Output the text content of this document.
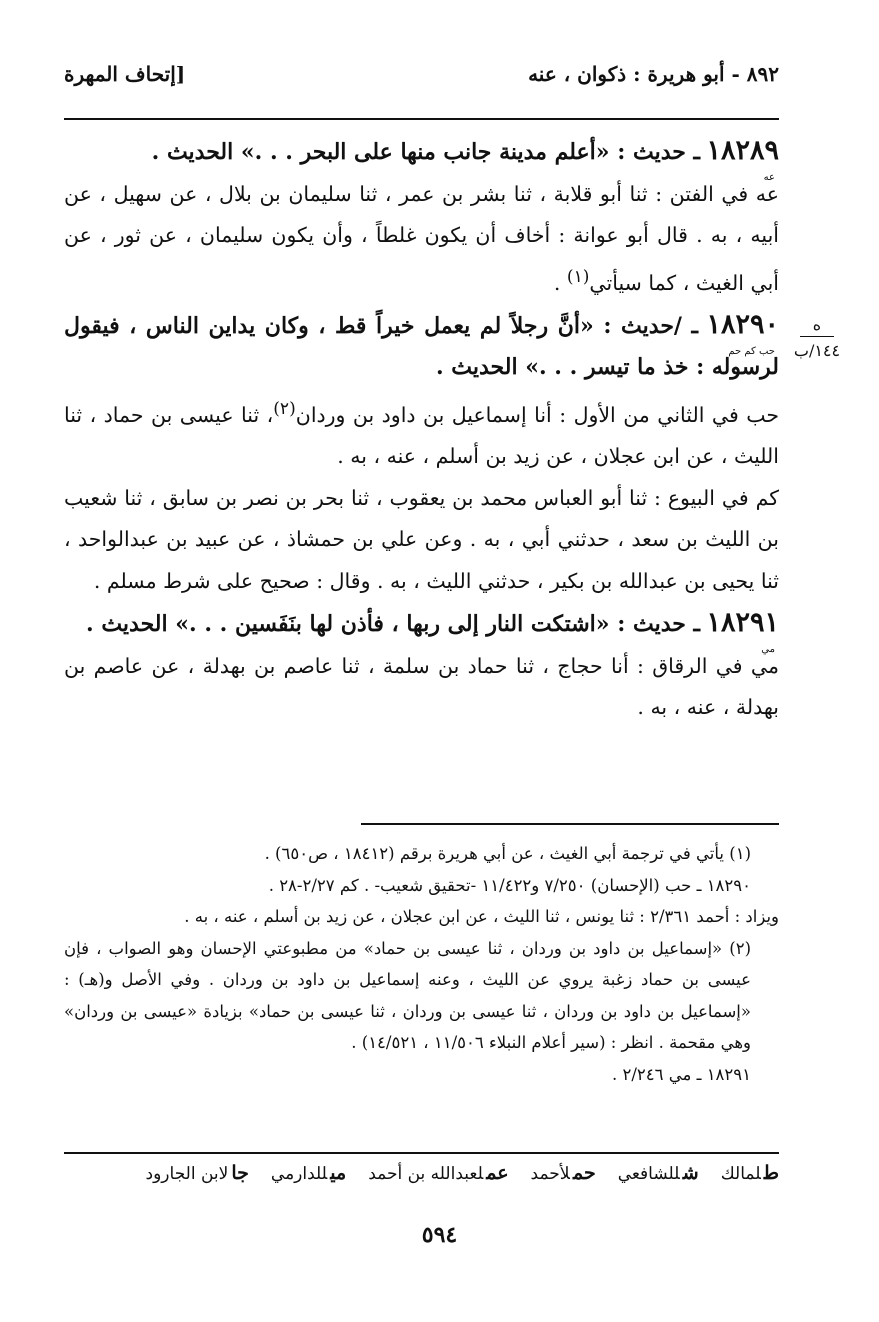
٨٩٢ - أبو هريرة : ذكوان ، عنه
[إتحاف المهرة
ه
١٤٤/ب

١٨٢٨٩
عه
ـ حديث : «أعلم مدينة جانب منها على البحر . . .» الحديث .

عه في الفتن : ثنا أبو قلابة ، ثنا بشر بن عمر ، ثنا سليمان بن بلال ، عن سهيل ، عن أبيه ، به . قال أبو عوانة : أخاف أن يكون غلطاً ، وأن يكون سليمان ، عن ثور ، عن أبي الغيث ، كما سيأتي$^{(١)}$ .

١٨٢٩٠
حب كم حم
ـ /حديث : «أنَّ رجلاً لم يعمل خيراً قط ، وكان يداين الناس ، فيقول لرسوله : خذ ما تيسر . . .» الحديث .

حب في الثاني من الأول : أنا إسماعيل بن داود بن وردان$^{(٢)}$، ثنا عيسى بن حماد ، ثنا الليث ، عن ابن عجلان ، عن زيد بن أسلم ، عنه ، به .

كم في البيوع : ثنا أبو العباس محمد بن يعقوب ، ثنا بحر بن نصر بن سابق ، ثنا شعيب بن الليث بن سعد ، حدثني أبي ، به . وعن علي بن حمشاذ ، عن عبيد بن عبدالواحد ، ثنا يحيى بن عبدالله بن بكير ، حدثني الليث ، به . وقال : صحيح على شرط مسلم .

١٨٢٩١
مي
ـ حديث : «اشتكت النار إلى ربها ، فأذن لها بنَفَسين . . .» الحديث .

مي في الرقاق : أنا حجاج ، ثنا حماد بن سلمة ، ثنا عاصم بن بهدلة ، عن عاصم بن بهدلة ، عنه ، به .

(١) يأتي في ترجمة أبي الغيث ، عن أبي هريرة برقم (١٨٤١٢ ، ص٦٥٠) .

١٨٢٩٠ ـ حب (الإحسان) ٧/٢٥٠ و١١/٤٢٢ -تحقيق شعيب- . كم ٢/٢٧-٢٨ .

ويزاد : أحمد ٢/٣٦١ : ثنا يونس ، ثنا الليث ، عن ابن عجلان ، عن زيد بن أسلم ، عنه ، به .

(٢) «إسماعيل بن داود بن وردان ، ثنا عيسى بن حماد» من مطبوعتي الإحسان وهو الصواب ، فإن عيسى بن حماد زغبة يروي عن الليث ، وعنه إسماعيل بن داود بن وردان . وفي الأصل و(هـ) : «إسماعيل بن داود بن وردان ، ثنا عيسى بن وردان ، ثنا عيسى بن حماد» بزيادة «عيسى بن وردان» وهي مقحمة . انظر : (سير أعلام النبلاء ١١/٥٠٦ ، ١٤/٥٢١) .

١٨٢٩١ ـ مي ٢/٢٤٦ .

طلمالك
شللشافعي
حملأحمد
عملعبدالله بن أحمد
ميللدارمي
جالابن الجارود
٥٩٤
